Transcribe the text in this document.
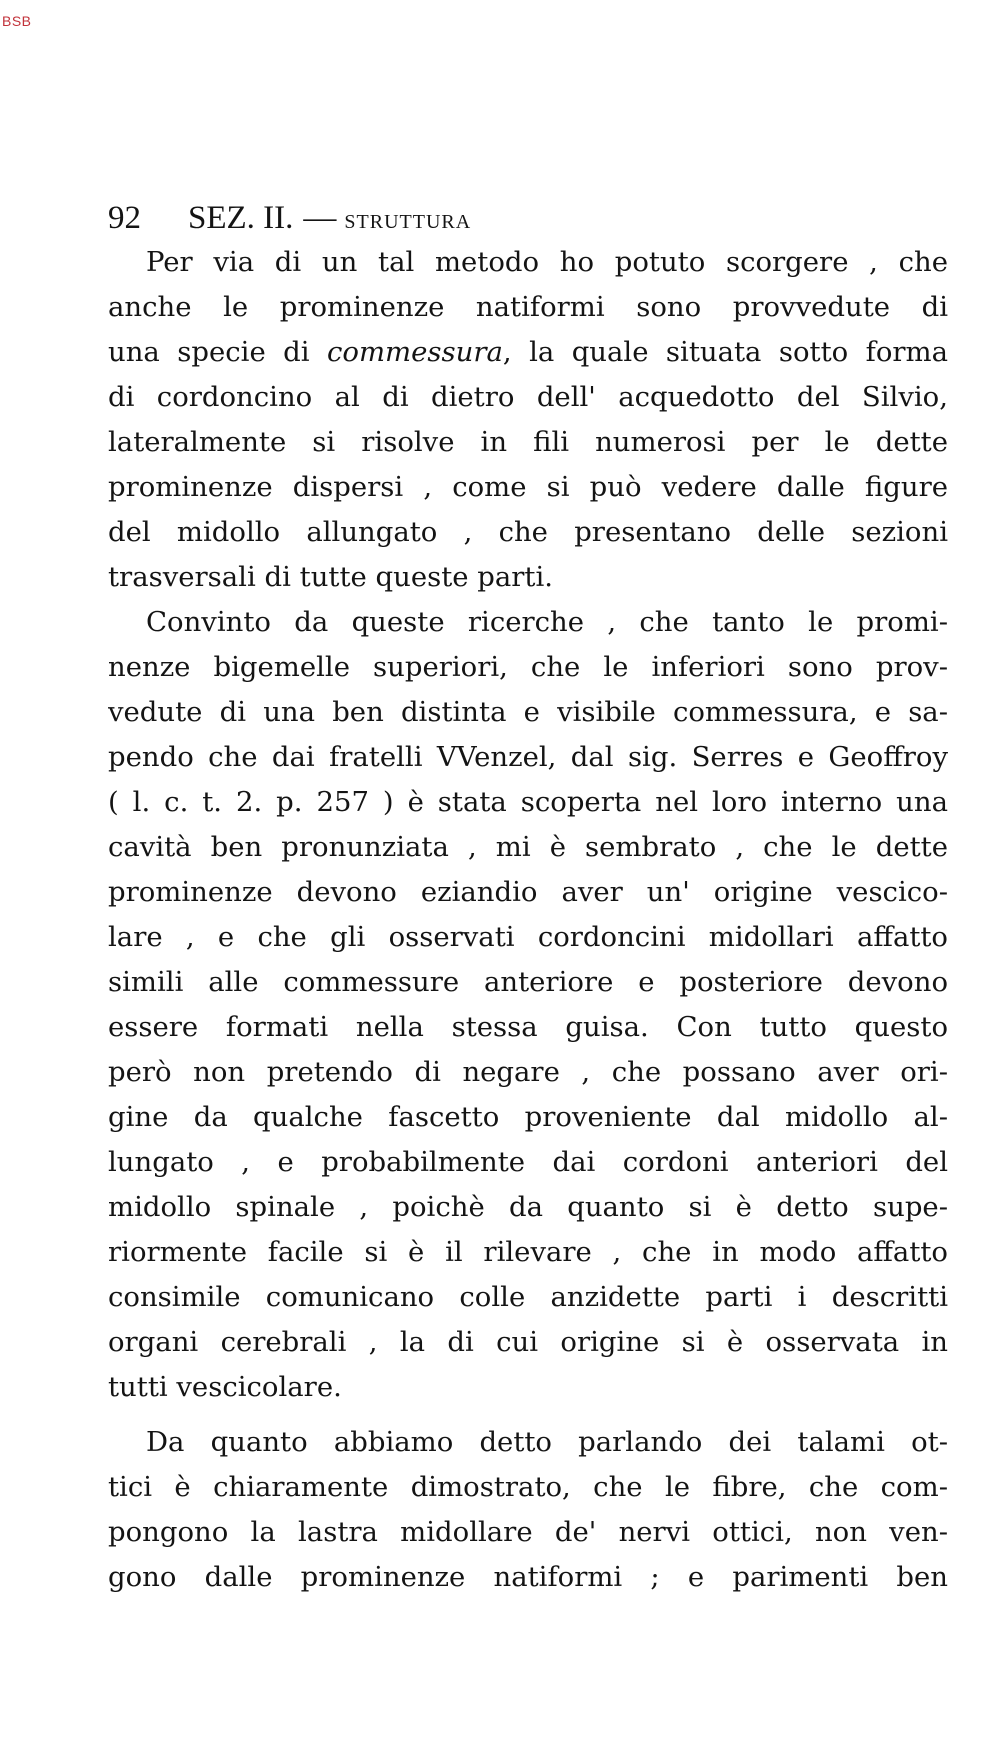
BSB
92 SEZ. II. — STRUTTURA
Per via di un tal metodo ho potuto scorgere , che
anche le prominenze natiformi sono provvedute di
una specie di commessura, la quale situata sotto forma
di cordoncino al di dietro dell' acquedotto del Silvio,
lateralmente si risolve in fili numerosi per le dette
prominenze dispersi , come si può vedere dalle figure
del midollo allungato , che presentano delle sezioni
trasversali di tutte queste parti.
Convinto da queste ricerche , che tanto le promi-
nenze bigemelle superiori, che le inferiori sono prov-
vedute di una ben distinta e visibile commessura, e sa-
pendo che dai fratelli VVenzel, dal sig. Serres e Geoffroy
( l. c. t. 2. p. 257 ) è stata scoperta nel loro interno una
cavità ben pronunziata , mi è sembrato , che le dette
prominenze devono eziandio aver un' origine vescico-
lare , e che gli osservati cordoncini midollari affatto
simili alle commessure anteriore e posteriore devono
essere formati nella stessa guisa. Con tutto questo
però non pretendo di negare , che possano aver ori-
gine da qualche fascetto proveniente dal midollo al-
lungato , e probabilmente dai cordoni anteriori del
midollo spinale , poichè da quanto si è detto supe-
riormente facile si è il rilevare , che in modo affatto
consimile comunicano colle anzidette parti i descritti
organi cerebrali , la di cui origine si è osservata in
tutti vescicolare.
Da quanto abbiamo detto parlando dei talami ot-
tici è chiaramente dimostrato, che le fibre, che com-
pongono la lastra midollare de' nervi ottici, non ven-
gono dalle prominenze natiformi ; e parimenti ben
